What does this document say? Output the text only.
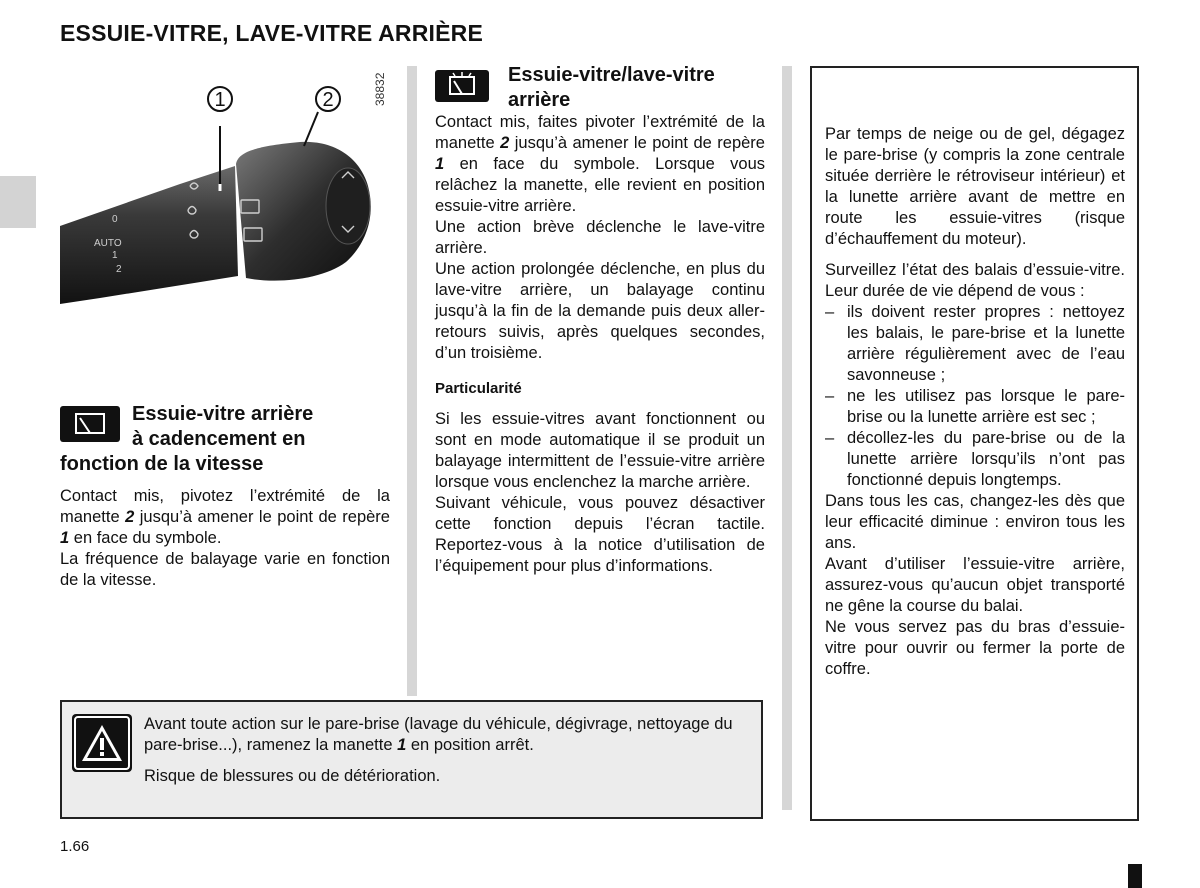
ESSUIE-VITRE, LAVE-VITRE ARRIÈRE
1	2
AUTO
1
2
0
38832
Essuie-vitre arrière
à cadencement en
fonction de la vitesse

Contact mis, pivotez l’extrémité de la manette 2 jusqu’à amener le point de repère 1 en face du symbole.

La fréquence de balayage varie en fonction de la vitesse.

Essuie-vitre/lave-vitre
arrière

Contact mis, faites pivoter l’extrémité de la manette 2 jusqu’à amener le point de repère 1 en face du symbole. Lorsque vous relâchez la manette, elle revient en position essuie-vitre arrière.

Une action brève déclenche le lave-vitre arrière.

Une action prolongée déclenche, en plus du lave-vitre arrière, un balayage continu jusqu’à la fin de la demande puis deux aller-retours suivis, après quelques secondes, d’un troisième.

Particularité

Si les essuie-vitres avant fonctionnent ou sont en mode automatique il se produit un balayage intermittent de l’essuie-vitre arrière lorsque vous enclenchez la marche arrière.

Suivant véhicule, vous pouvez désactiver cette fonction depuis l’écran tactile. Reportez-vous à la notice d’utilisation de l’équipement pour plus d’informations.

Avant toute action sur le pare-brise (lavage du véhicule, dégivrage, nettoyage du pare-brise...), ramenez la manette 1 en position arrêt.

Risque de blessures ou de détérioration.

Par temps de neige ou de gel, dégagez le pare-brise (y compris la zone centrale située derrière le rétroviseur intérieur) et la lunette arrière avant de mettre en route les essuie-vitres (risque d’échauffement du moteur).

Surveillez l’état des balais d’essuie-vitre. Leur durée de vie dépend de vous :

– ils doivent rester propres : nettoyez les balais, le pare-brise et la lunette arrière régulièrement avec de l’eau savonneuse ;
– ne les utilisez pas lorsque le pare-brise ou la lunette arrière est sec ;
– décollez-les du pare-brise ou de la lunette arrière lorsqu’ils n’ont pas fonctionné depuis longtemps.

Dans tous les cas, changez-les dès que leur efficacité diminue : environ tous les ans.

Avant d’utiliser l’essuie-vitre arrière, assurez-vous qu’aucun objet transporté ne gêne la course du balai.

Ne vous servez pas du bras d’essuie-vitre pour ouvrir ou fermer la porte de coffre.

1.66
